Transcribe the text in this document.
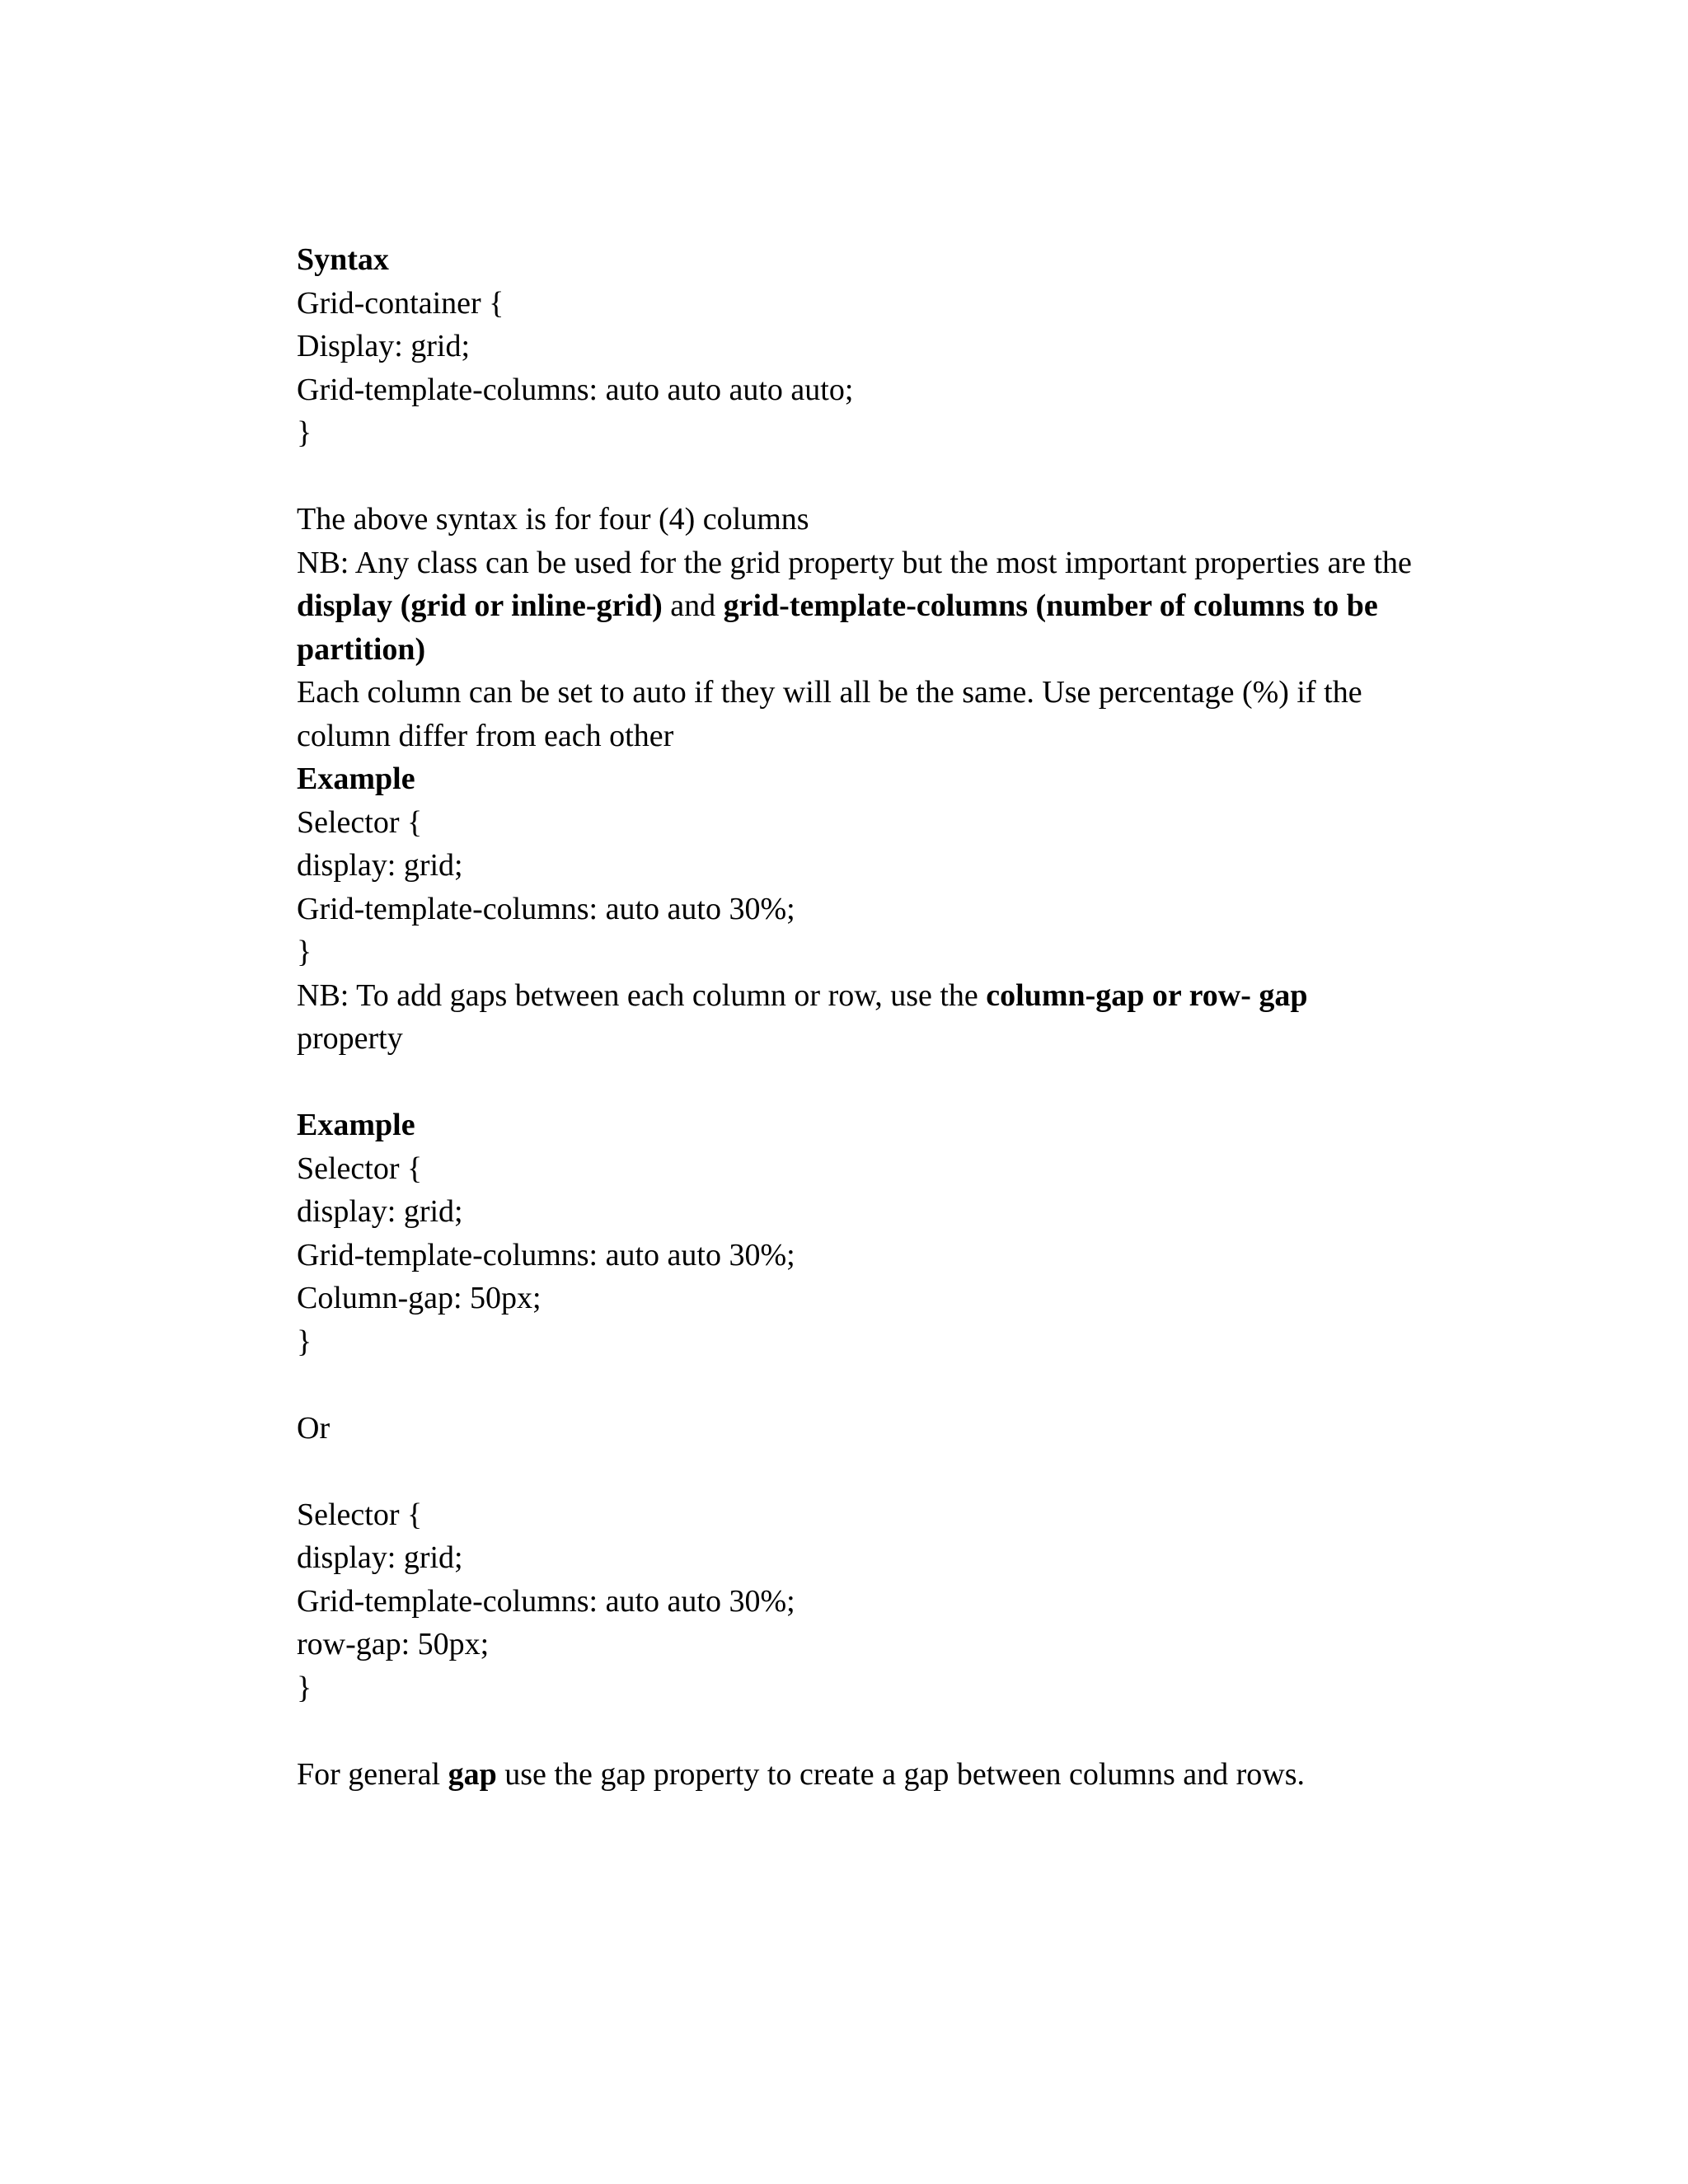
Syntax
Grid-container {
Display: grid;
Grid-template-columns: auto auto auto auto;
}
The above syntax is for four (4) columns
NB: Any class can be used for the grid property but the most important properties are the
display (grid or inline-grid) and grid-template-columns (number of columns to be
partition)
Each column can be set to auto if they will all be the same. Use percentage (%) if the
column differ from each other
Example
Selector {
display: grid;
Grid-template-columns: auto auto 30%;
}
NB: To add gaps between each column or row, use the column-gap or row- gap
property
Example
Selector {
display: grid;
Grid-template-columns: auto auto 30%;
Column-gap: 50px;
}
Or
Selector {
display: grid;
Grid-template-columns: auto auto 30%;
row-gap: 50px;
}
For general gap use the gap property to create a gap between columns and rows.
